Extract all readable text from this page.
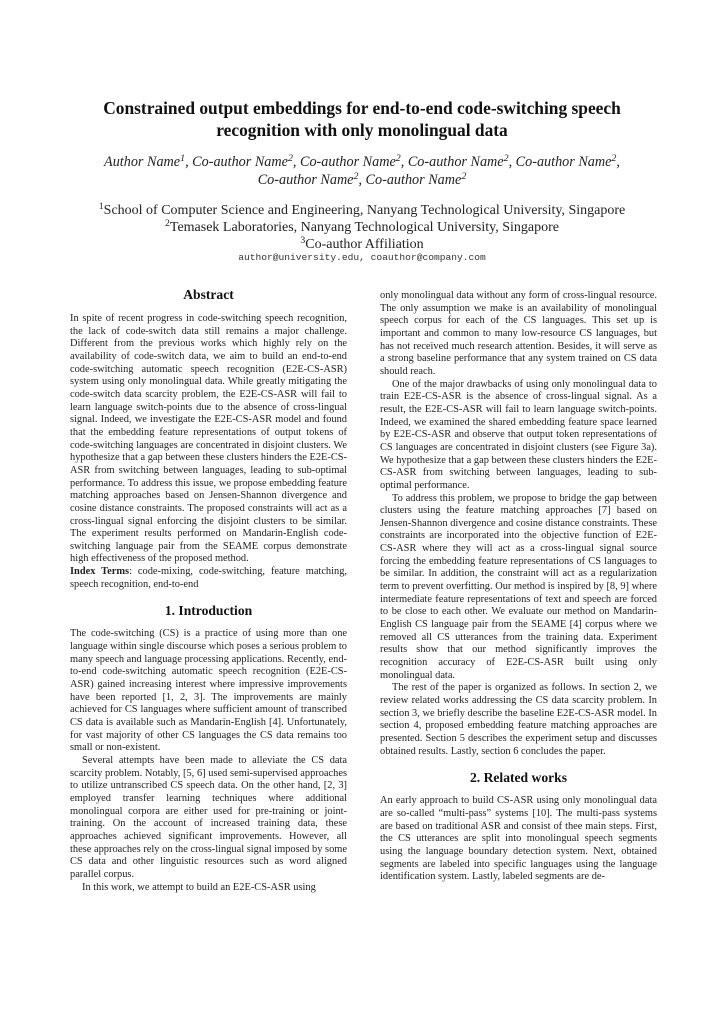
Constrained output embeddings for end-to-end code-switching speech recognition with only monolingual data
Author Name$^1$, Co-author Name$^2$, Co-author Name$^2$, Co-author Name$^2$, Co-author Name$^2$,
Co-author Name$^2$, Co-author Name$^2$
$^1$School of Computer Science and Engineering, Nanyang Technological University, Singapore
$^2$Temasek Laboratories, Nanyang Technological University, Singapore
$^3$Co-author Affiliation
author@university.edu, coauthor@company.com
Abstract

In spite of recent progress in code-switching speech recognition, the lack of code-switch data still remains a major challenge. Different from the previous works which highly rely on the availability of code-switch data, we aim to build an end-to-end code-switching automatic speech recognition (E2E-CS-ASR) system using only monolingual data. While greatly mitigating the code-switch data scarcity problem, the E2E-CS-ASR will fail to learn language switch-points due to the absence of cross-lingual signal. Indeed, we investigate the E2E-CS-ASR model and found that the embedding feature representations of output tokens of code-switching languages are concentrated in disjoint clusters. We hypothesize that a gap between these clusters hinders the E2E-CS-ASR from switching between languages, leading to sub-optimal performance. To address this issue, we propose embedding feature matching approaches based on Jensen-Shannon divergence and cosine distance constraints. The proposed constraints will act as a cross-lingual signal enforcing the disjoint clusters to be similar. The experiment results performed on Mandarin-English code-switching language pair from the SEAME corpus demonstrate high effectiveness of the proposed method.

Index Terms: code-mixing, code-switching, feature matching, speech recognition, end-to-end

1. Introduction

The code-switching (CS) is a practice of using more than one language within single discourse which poses a serious problem to many speech and language processing applications. Recently, end-to-end code-switching automatic speech recognition (E2E-CS-ASR) gained increasing interest where impressive improvements have been reported [1, 2, 3]. The improvements are mainly achieved for CS languages where sufficient amount of transcribed CS data is available such as Mandarin-English [4]. Unfortunately, for vast majority of other CS languages the CS data remains too small or non-existent.

Several attempts have been made to alleviate the CS data scarcity problem. Notably, [5, 6] used semi-supervised approaches to utilize untranscribed CS speech data. On the other hand, [2, 3] employed transfer learning techniques where additional monolingual corpora are either used for pre-training or joint-training. On the account of increased training data, these approaches achieved significant improvements. However, all these approaches rely on the cross-lingual signal imposed by some CS data and other linguistic resources such as word aligned parallel corpus.

In this work, we attempt to build an E2E-CS-ASR using

only monolingual data without any form of cross-lingual resource. The only assumption we make is an availability of monolingual speech corpus for each of the CS languages. This set up is important and common to many low-resource CS languages, but has not received much research attention. Besides, it will serve as a strong baseline performance that any system trained on CS data should reach.

One of the major drawbacks of using only monolingual data to train E2E-CS-ASR is the absence of cross-lingual signal. As a result, the E2E-CS-ASR will fail to learn language switch-points. Indeed, we examined the shared embedding feature space learned by E2E-CS-ASR and observe that output token representations of CS languages are concentrated in disjoint clusters (see Figure 3a). We hypothesize that a gap between these clusters hinders the E2E-CS-ASR from switching between languages, leading to sub-optimal performance.

To address this problem, we propose to bridge the gap between clusters using the feature matching approaches [7] based on Jensen-Shannon divergence and cosine distance constraints. These constraints are incorporated into the objective function of E2E-CS-ASR where they will act as a cross-lingual signal source forcing the embedding feature representations of CS languages to be similar. In addition, the constraint will act as a regularization term to prevent overfitting. Our method is inspired by [8, 9] where intermediate feature representations of text and speech are forced to be close to each other. We evaluate our method on Mandarin-English CS language pair from the SEAME [4] corpus where we removed all CS utterances from the training data. Experiment results show that our method significantly improves the recognition accuracy of E2E-CS-ASR built using only monolingual data.

The rest of the paper is organized as follows. In section 2, we review related works addressing the CS data scarcity problem. In section 3, we briefly describe the baseline E2E-CS-ASR model. In section 4, proposed embedding feature matching approaches are presented. Section 5 describes the experiment setup and discusses obtained results. Lastly, section 6 concludes the paper.

2. Related works

An early approach to build CS-ASR using only monolingual data are so-called “multi-pass” systems [10]. The multi-pass systems are based on traditional ASR and consist of thee main steps. First, the CS utterances are split into monolingual speech segments using the language boundary detection system. Next, obtained segments are labeled into specific languages using the language identification system. Lastly, labeled segments are de-
